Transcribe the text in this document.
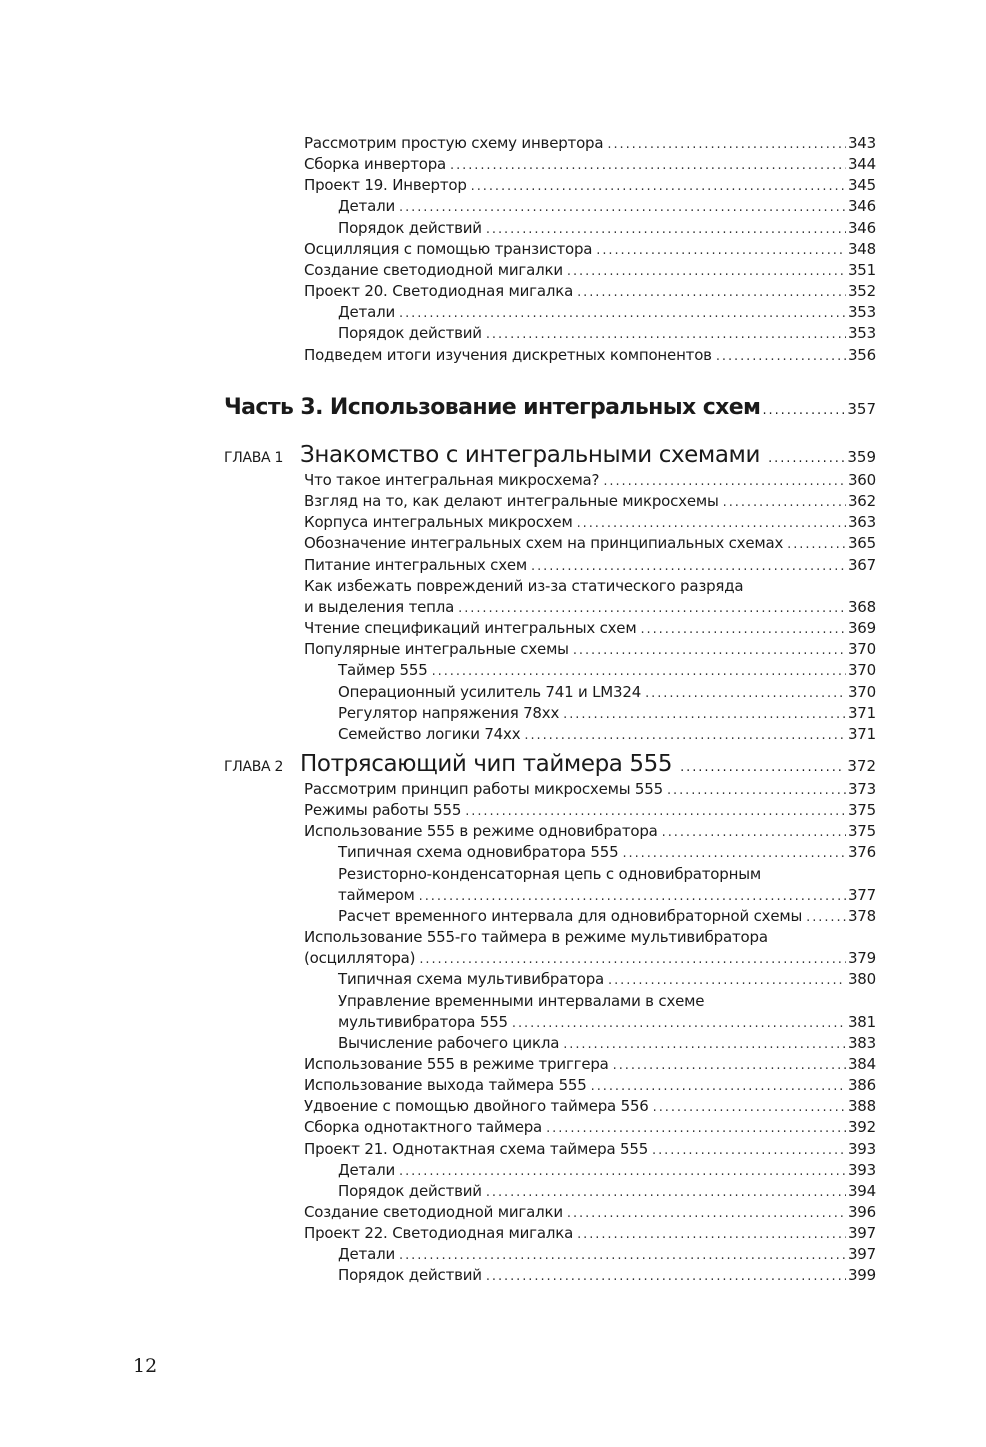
Рассмотрим простую схему инвертора . . .	343
Сборка инвертора . . .	344
Проект 19. Инвертор . . .	345
Детали . . .	346
Порядок действий . . .	346
Осцилляция с помощью транзистора . . .	348
Создание светодиодной мигалки . . .	351
Проект 20. Светодиодная мигалка . . .	352
Детали . . .	353
Порядок действий . . .	353
Подведем итоги изучения дискретных компонентов . . .	356
Часть 3. Использование интегральных схем . . .	357
ГЛАВА 1 Знакомство с интегральными схемами . . .	359
Что такое интегральная микросхема? . . .	360
Взгляд на то, как делают интегральные микросхемы . . .	362
Корпуса интегральных микросхем . . .	363
Обозначение интегральных схем на принципиальных схемах . . .	365
Питание интегральных схем . . .	367
Как избежать повреждений из-за статического разряда
и выделения тепла . . .	368
Чтение спецификаций интегральных схем . . .	369
Популярные интегральные схемы . . .	370
Таймер 555 . . .	370
Операционный усилитель 741 и LM324 . . .	370
Регулятор напряжения 78xx . . .	371
Семейство логики 74xx . . .	371
ГЛАВА 2 Потрясающий чип таймера 555 . . .	372
Рассмотрим принцип работы микросхемы 555 . . .	373
Режимы работы 555 . . .	375
Использование 555 в режиме одновибратора . . .	375
Типичная схема одновибратора 555 . . .	376
Резисторно-конденсаторная цепь с одновибраторным
таймером . . .	377
Расчет временного интервала для одновибраторной схемы . . .	378
Использование 555-го таймера в режиме мультивибратора
(осциллятора) . . .	379
Типичная схема мультивибратора . . .	380
Управление временными интервалами в схеме
мультивибратора 555 . . .	381
Вычисление рабочего цикла . . .	383
Использование 555 в режиме триггера . . .	384
Использование выхода таймера 555 . . .	386
Удвоение с помощью двойного таймера 556 . . .	388
Сборка однотактного таймера . . .	392
Проект 21. Однотактная схема таймера 555 . . .	393
Детали . . .	393
Порядок действий . . .	394
Создание светодиодной мигалки . . .	396
Проект 22. Светодиодная мигалка . . .	397
Детали . . .	397
Порядок действий . . .	399
12
